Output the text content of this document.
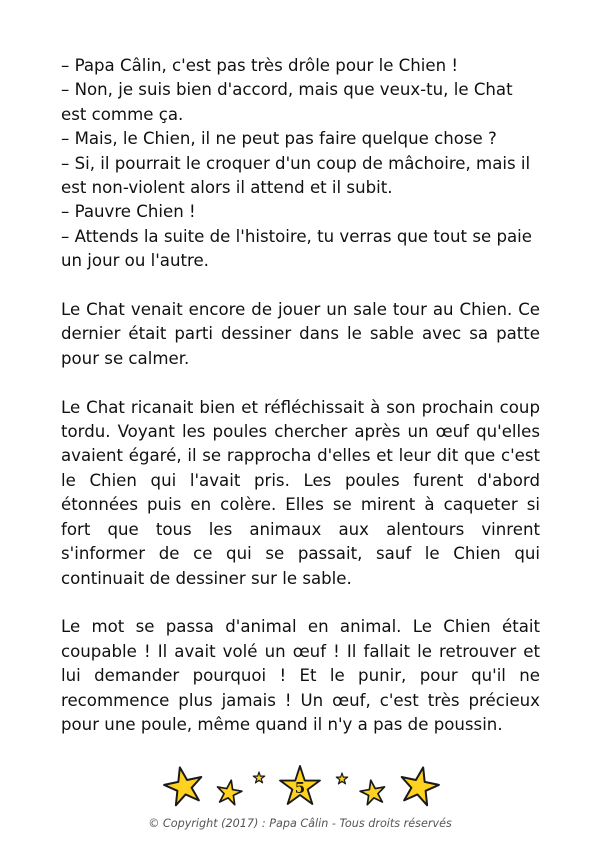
– Papa Câlin, c'est pas très drôle pour le Chien !

– Non, je suis bien d'accord, mais que veux-tu, le Chat est comme ça.

– Mais, le Chien, il ne peut pas faire quelque chose ?

– Si, il pourrait le croquer d'un coup de mâchoire, mais il est non-violent alors il attend et il subit.

– Pauvre Chien !

– Attends la suite de l'histoire, tu verras que tout se paie un jour ou l'autre.

Le Chat venait encore de jouer un sale tour au Chien. Ce dernier était parti dessiner dans le sable avec sa patte pour se calmer.

Le Chat ricanait bien et réfléchissait à son prochain coup tordu. Voyant les poules chercher après un œuf qu'elles avaient égaré, il se rapprocha d'elles et leur dit que c'est le Chien qui l'avait pris. Les poules furent d'abord étonnées puis en colère. Elles se mirent à caqueter si fort que tous les animaux aux alentours vinrent s'informer de ce qui se passait, sauf le Chien qui continuait de dessiner sur le sable.

Le mot se passa d'animal en animal. Le Chien était coupable ! Il avait volé un œuf ! Il fallait le retrouver et lui demander pourquoi ! Et le punir, pour qu'il ne recommence plus jamais ! Un œuf, c'est très précieux pour une poule, même quand il n'y a pas de poussin.

5
© Copyright (2017) : Papa Câlin - Tous droits réservés
